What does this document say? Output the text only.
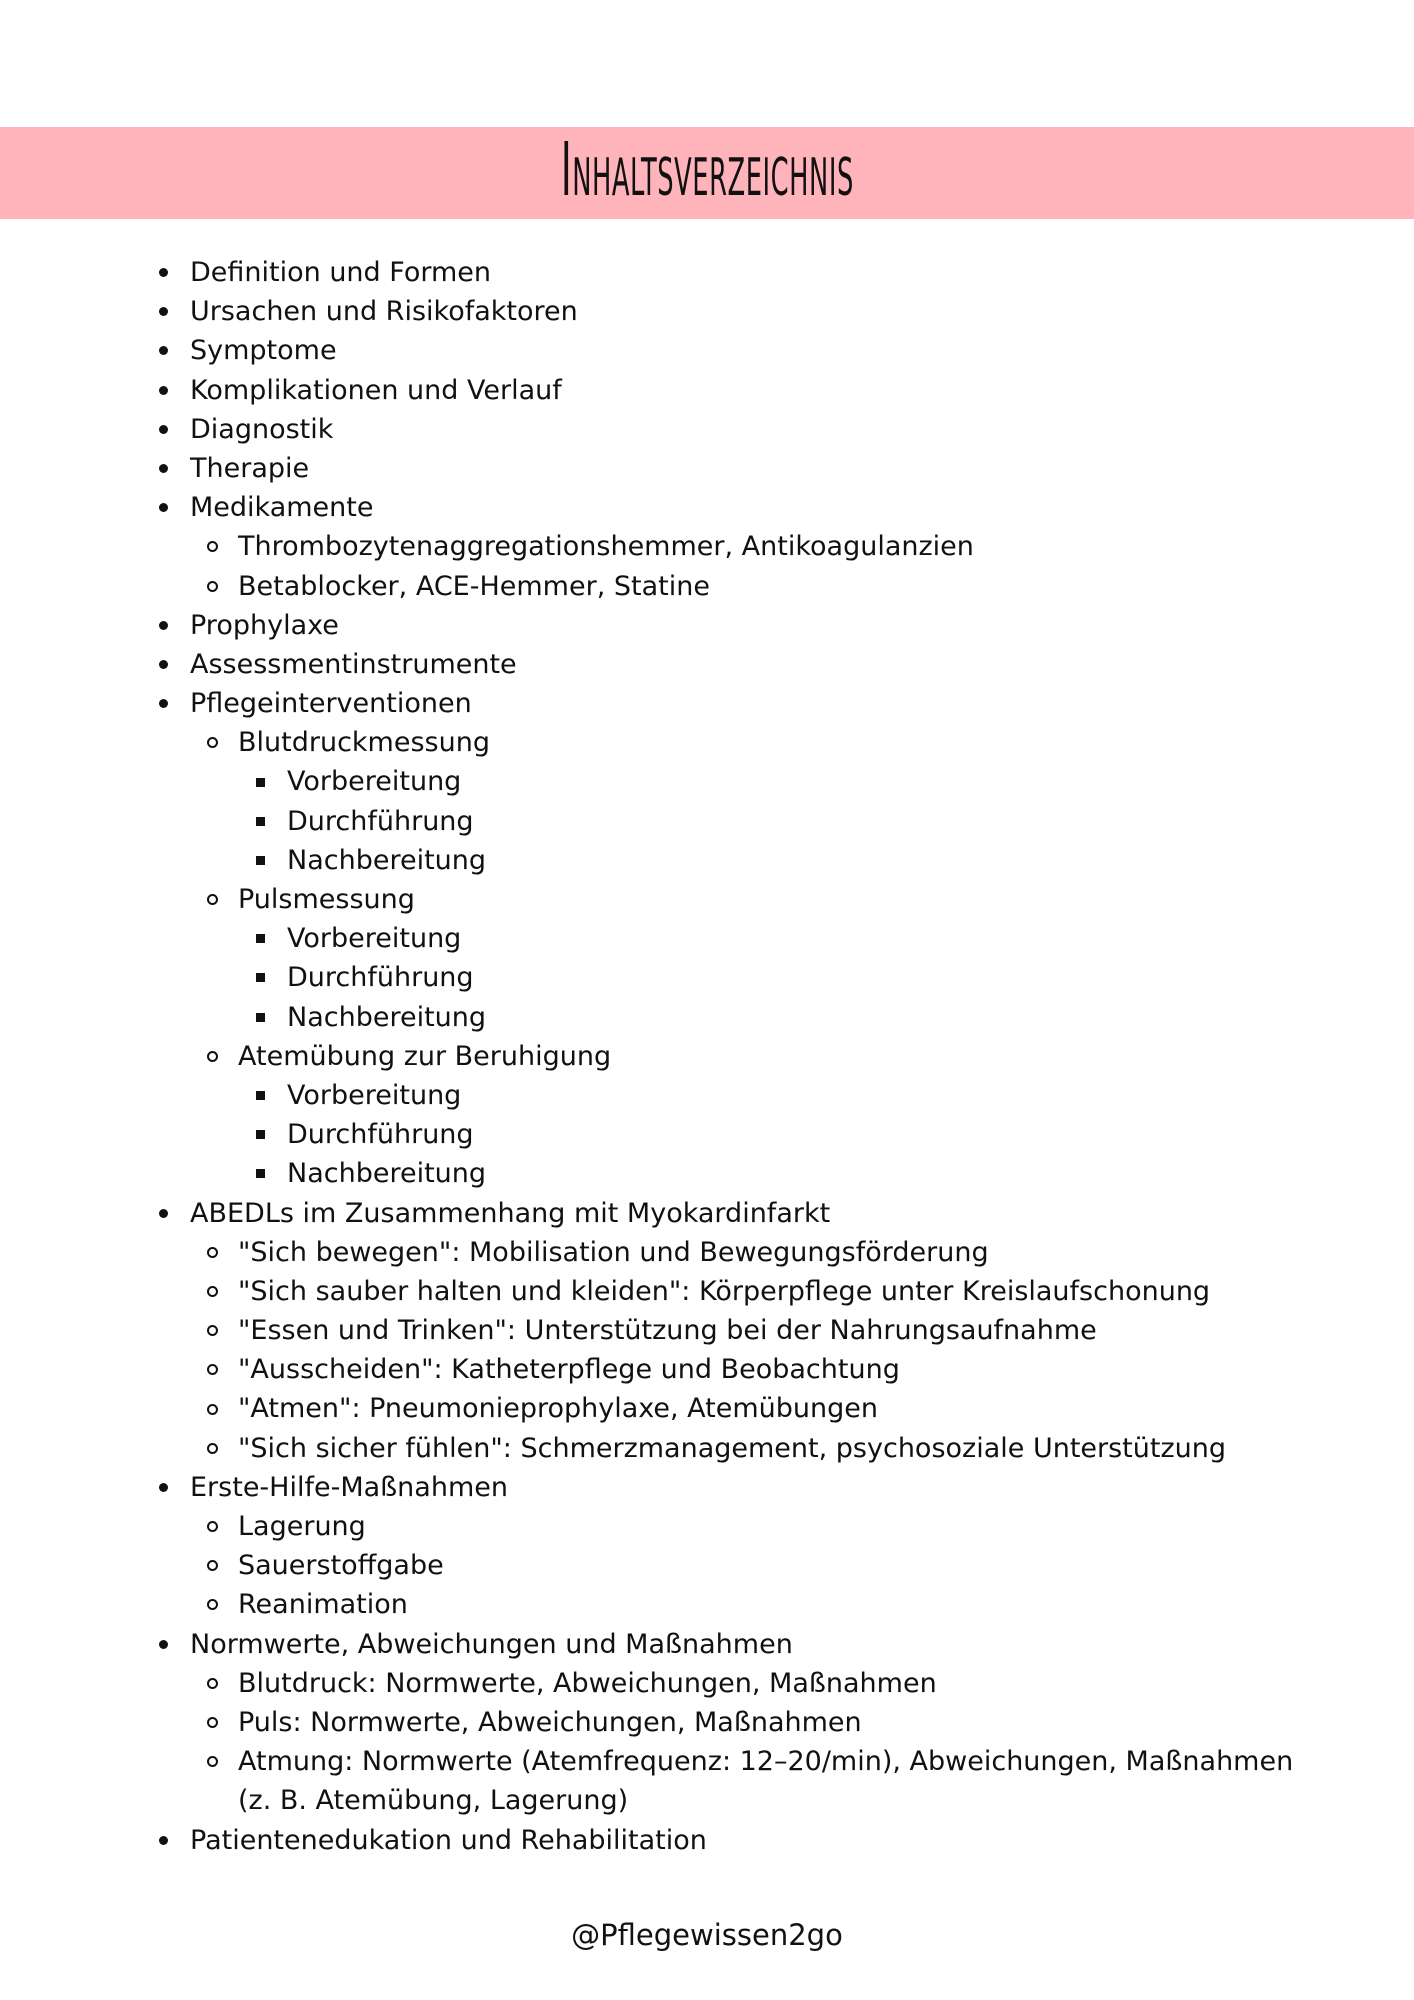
Inhaltsverzeichnis
Definition und Formen
Ursachen und Risikofaktoren
Symptome
Komplikationen und Verlauf
Diagnostik
Therapie
Medikamente
Thrombozytenaggregationshemmer, Antikoagulanzien
Betablocker, ACE-Hemmer, Statine
Prophylaxe
Assessmentinstrumente
Pflegeinterventionen
Blutdruckmessung
Vorbereitung
Durchführung
Nachbereitung
Pulsmessung
Vorbereitung
Durchführung
Nachbereitung
Atemübung zur Beruhigung
Vorbereitung
Durchführung
Nachbereitung
ABEDLs im Zusammenhang mit Myokardinfarkt
"Sich bewegen": Mobilisation und Bewegungsförderung
"Sich sauber halten und kleiden": Körperpflege unter Kreislaufschonung
"Essen und Trinken": Unterstützung bei der Nahrungsaufnahme
"Ausscheiden": Katheterpflege und Beobachtung
"Atmen": Pneumonieprophylaxe, Atemübungen
"Sich sicher fühlen": Schmerzmanagement, psychosoziale Unterstützung
Erste-Hilfe-Maßnahmen
Lagerung
Sauerstoffgabe
Reanimation
Normwerte, Abweichungen und Maßnahmen
Blutdruck: Normwerte, Abweichungen, Maßnahmen
Puls: Normwerte, Abweichungen, Maßnahmen
Atmung: Normwerte (Atemfrequenz: 12–20/min), Abweichungen, Maßnahmen
(z. B. Atemübung, Lagerung)
Patientenedukation und Rehabilitation
@Pflegewissen2go
